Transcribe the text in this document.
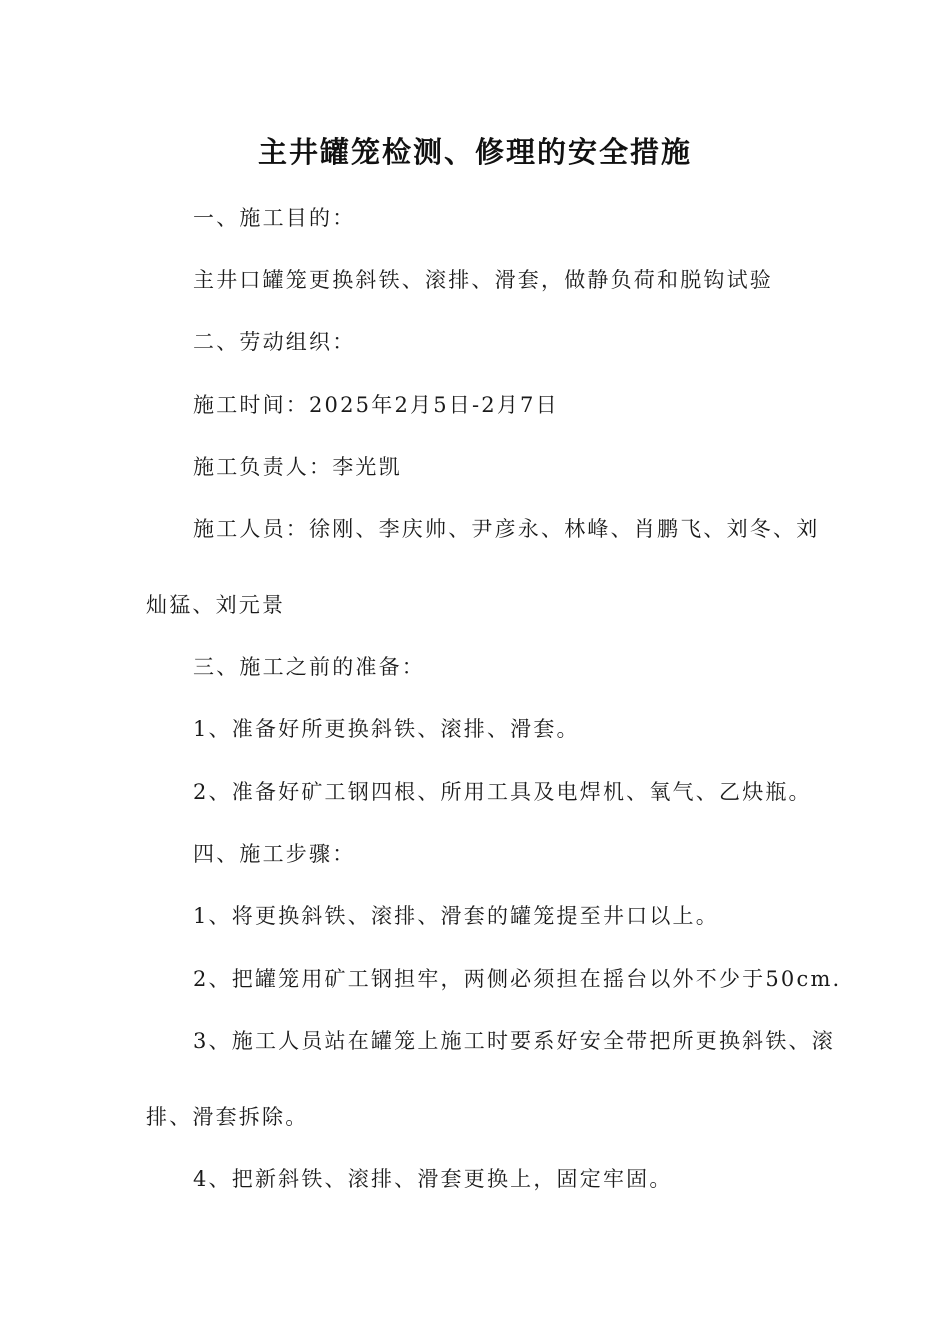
主井罐笼检测、修理的安全措施
一、施工目的：
主井口罐笼更换斜铁、滚排、滑套，做静负荷和脱钩试验
二、劳动组织：
施工时间：2025年2月5日-2月7日
施工负责人：李光凯
施工人员：徐刚、李庆帅、尹彦永、林峰、肖鹏飞、刘冬、刘
灿猛、刘元景
三、施工之前的准备：
1、准备好所更换斜铁、滚排、滑套。
2、准备好矿工钢四根、所用工具及电焊机、氧气、乙炔瓶。
四、施工步骤：
1、将更换斜铁、滚排、滑套的罐笼提至井口以上。
2、把罐笼用矿工钢担牢，两侧必须担在摇台以外不少于50cm.
3、施工人员站在罐笼上施工时要系好安全带把所更换斜铁、滚
排、滑套拆除。
4、把新斜铁、滚排、滑套更换上，固定牢固。
